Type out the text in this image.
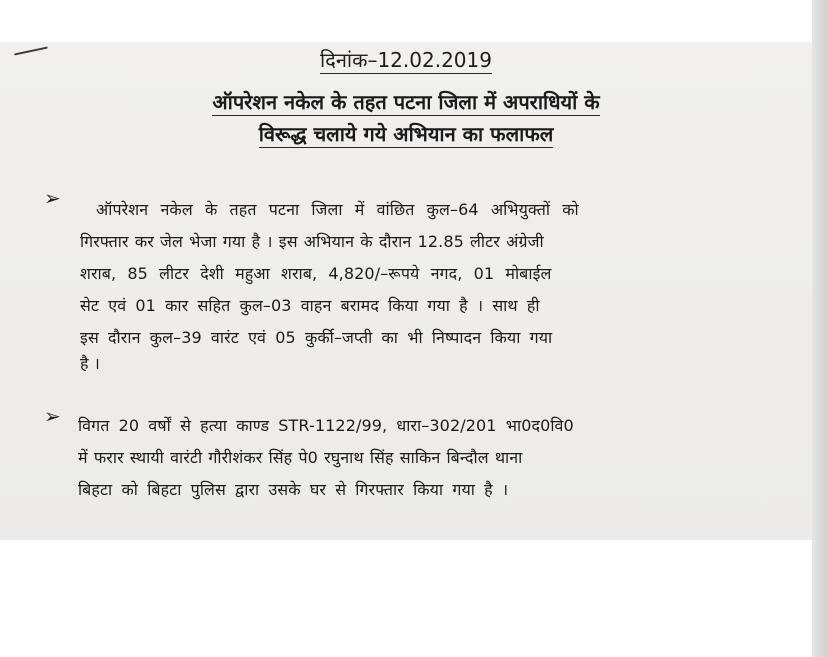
दिनांक–12.02.2019
ऑपरेशन नकेल के तहत पटना जिला में अपराधियों के
विरूद्ध चलाये गये अभियान का फलाफल
➢ ऑपरेशन नकेल के तहत पटना जिला में वांछित कुल–64 अभियुक्तों को
गिरफ्तार कर जेल भेजा गया है । इस अभियान के दौरान 12.85 लीटर अंग्रेजी
शराब, 85 लीटर देशी महुआ शराब, 4,820/–रूपये नगद, 01 मोबाईल
सेट एवं 01 कार सहित कुल–03 वाहन बरामद किया गया है । साथ ही
इस दौरान कुल–39 वारंट एवं 05 कुर्की–जप्ती का भी निष्पादन किया गया
है ।
➢ विगत 20 वर्षों से हत्या काण्ड STR-1122/99, धारा–302/201 भा0द0वि0
में फरार स्थायी वारंटी गौरीशंकर सिंह पे0 रघुनाथ सिंह साकिन बिन्दौल थाना
बिहटा को बिहटा पुलिस द्वारा उसके घर से गिरफ्तार किया गया है ।
